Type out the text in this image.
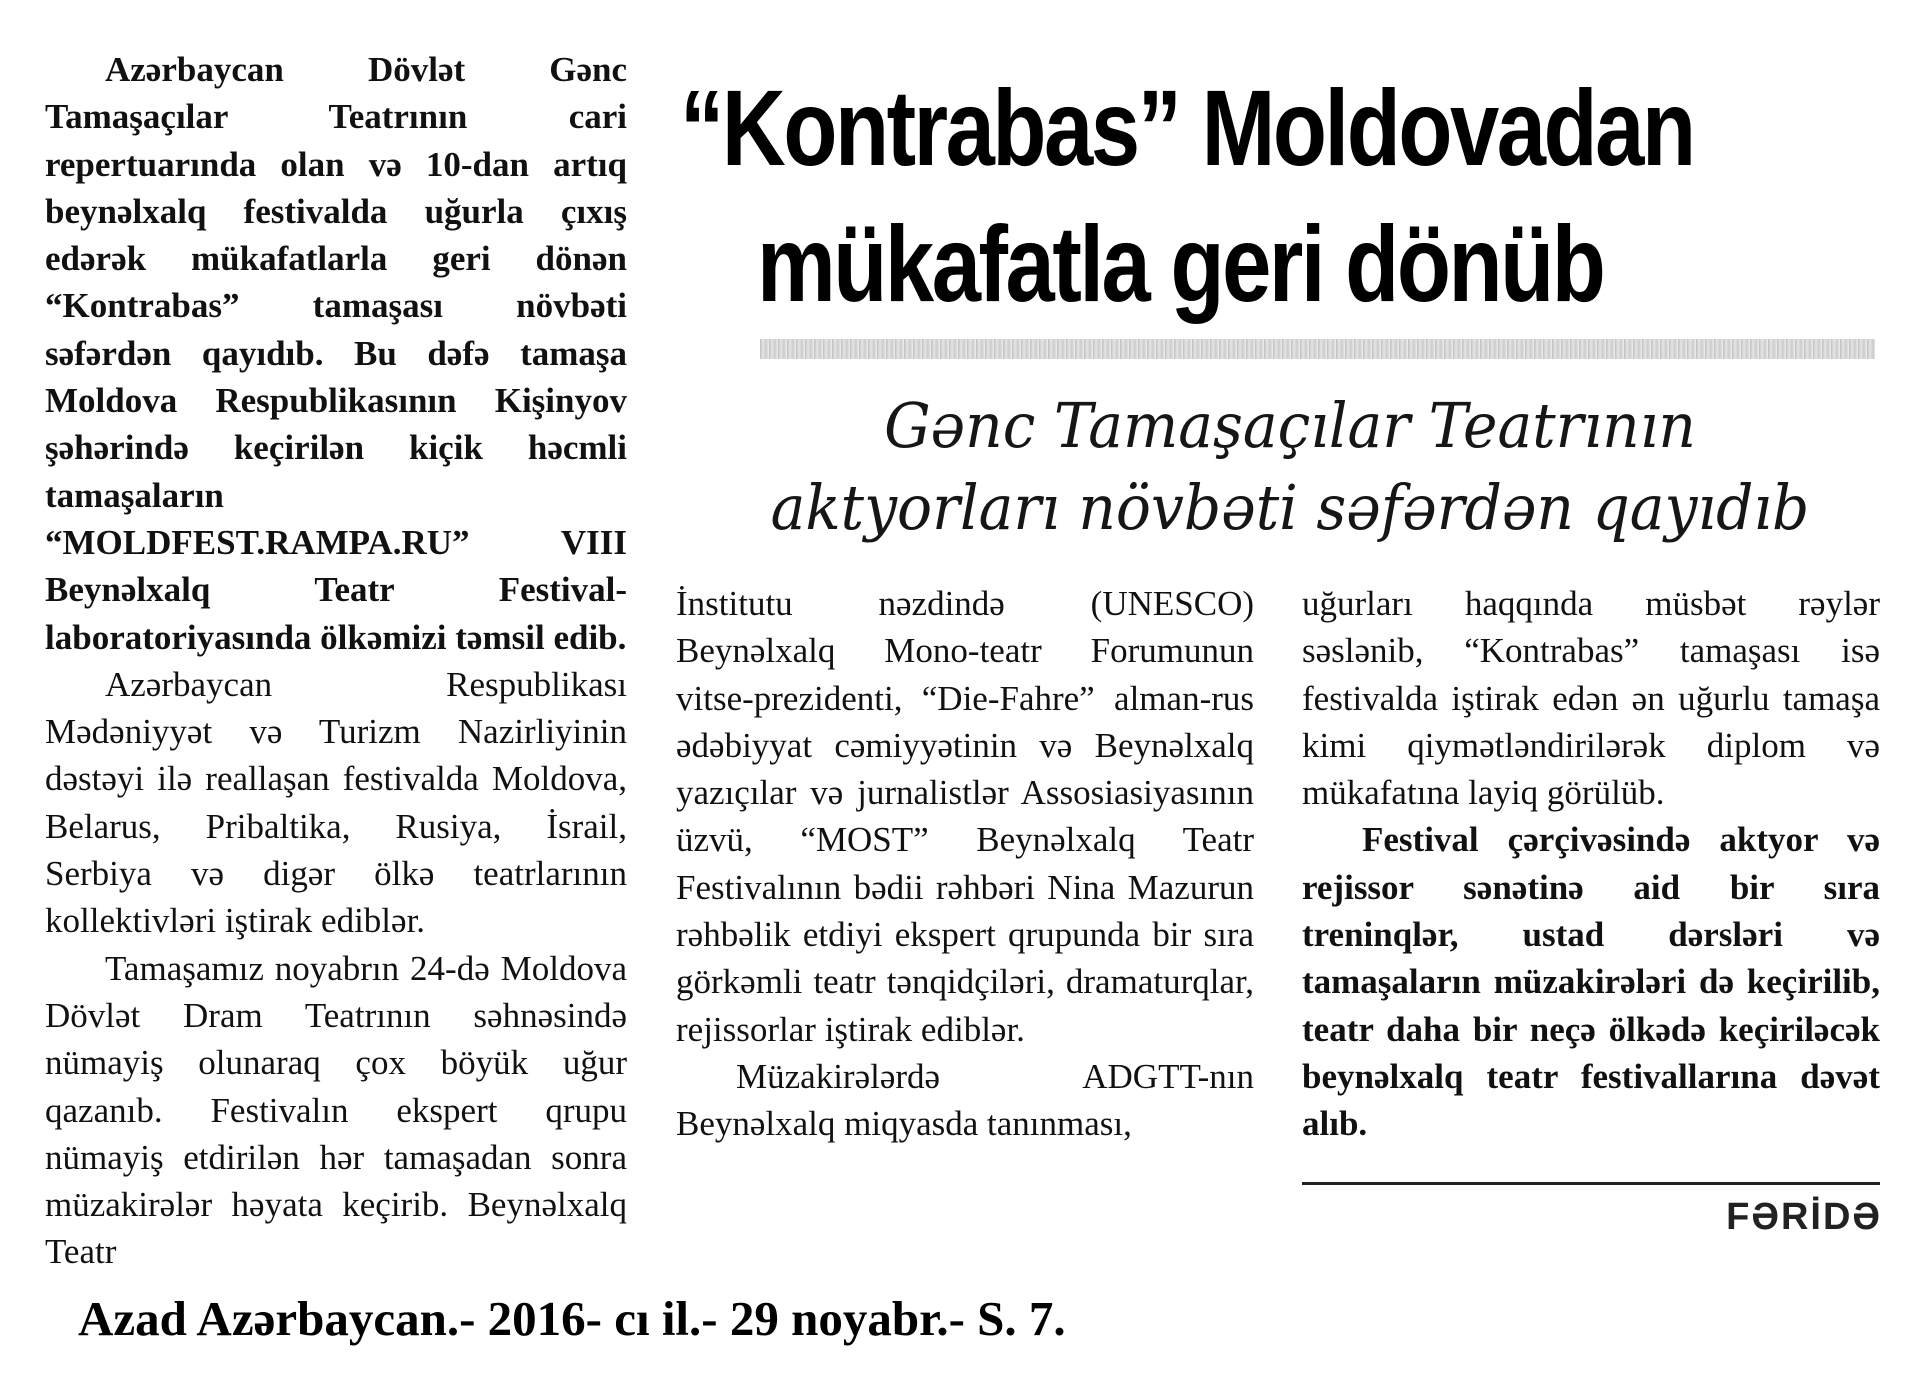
Azərbaycan Dövlət Gənc Tamaşaçılar Teatrının cari repertuarında olan və 10-dan artıq beynəlxalq festivalda uğurla çıxış edərək mükafatlarla geri dönən “Kontrabas” tamaşası növbəti səfərdən qayıdıb. Bu dəfə tamaşa Moldova Respublikasının Kişinyov şəhərində keçirilən kiçik həcmli tamaşaların “MOLDFEST.RAMPA.RU” VIII Beynəlxalq Teatr Festival-laboratoriyasında ölkəmizi təmsil edib.

Azərbaycan Respublikası Mədəniyyət və Turizm Nazirliyinin dəstəyi ilə reallaşan festivalda Moldova, Belarus, Pribaltika, Rusiya, İsrail, Serbiya və digər ölkə teatrlarının kollektivləri iştirak ediblər.

Tamaşamız noyabrın 24-də Moldova Dövlət Dram Teatrının səhnəsində nümayiş olunaraq çox böyük uğur qazanıb. Festivalın ekspert qrupu nümayiş etdirilən hər tamaşadan sonra müzakirələr həyata keçirib. Beynəlxalq Teatr

“Kontrabas” Moldovadan
mükafatla geri dönüb
Gənc Tamaşaçılar Teatrının
aktyorları növbəti səfərdən qayıdıb

İnstitutu nəzdində (UNESCO) Beynəlxalq Mono-teatr Forumunun vitse-prezidenti, “Die-Fahre” alman-rus ədəbiyyat cəmiyyətinin və Beynəlxalq yazıçılar və jurnalistlər Assosiasiyasının üzvü, “MOST” Beynəlxalq Teatr Festivalının bədii rəhbəri Nina Mazurun rəhbəlik etdiyi ekspert qrupunda bir sıra görkəmli teatr tənqidçiləri, dramaturqlar, rejissorlar iştirak ediblər.

Müzakirələrdə ADGTT-nın Beynəlxalq miqyasda tanınması,

uğurları haqqında müsbət rəylər səslənib, “Kontrabas” tamaşası isə festivalda iştirak edən ən uğurlu tamaşa kimi qiymətləndirilərək diplom və mükafatına layiq görülüb.

Festival çərçivəsində aktyor və rejissor sənətinə aid bir sıra treninqlər, ustad dərsləri və tamaşaların müzakirələri də keçirilib, teatr daha bir neçə ölkədə keçiriləcək beynəlxalq teatr festivallarına dəvət alıb.

FƏRİDƏ

Azad Azərbaycan.- 2016- cı il.- 29 noyabr.- S. 7.
